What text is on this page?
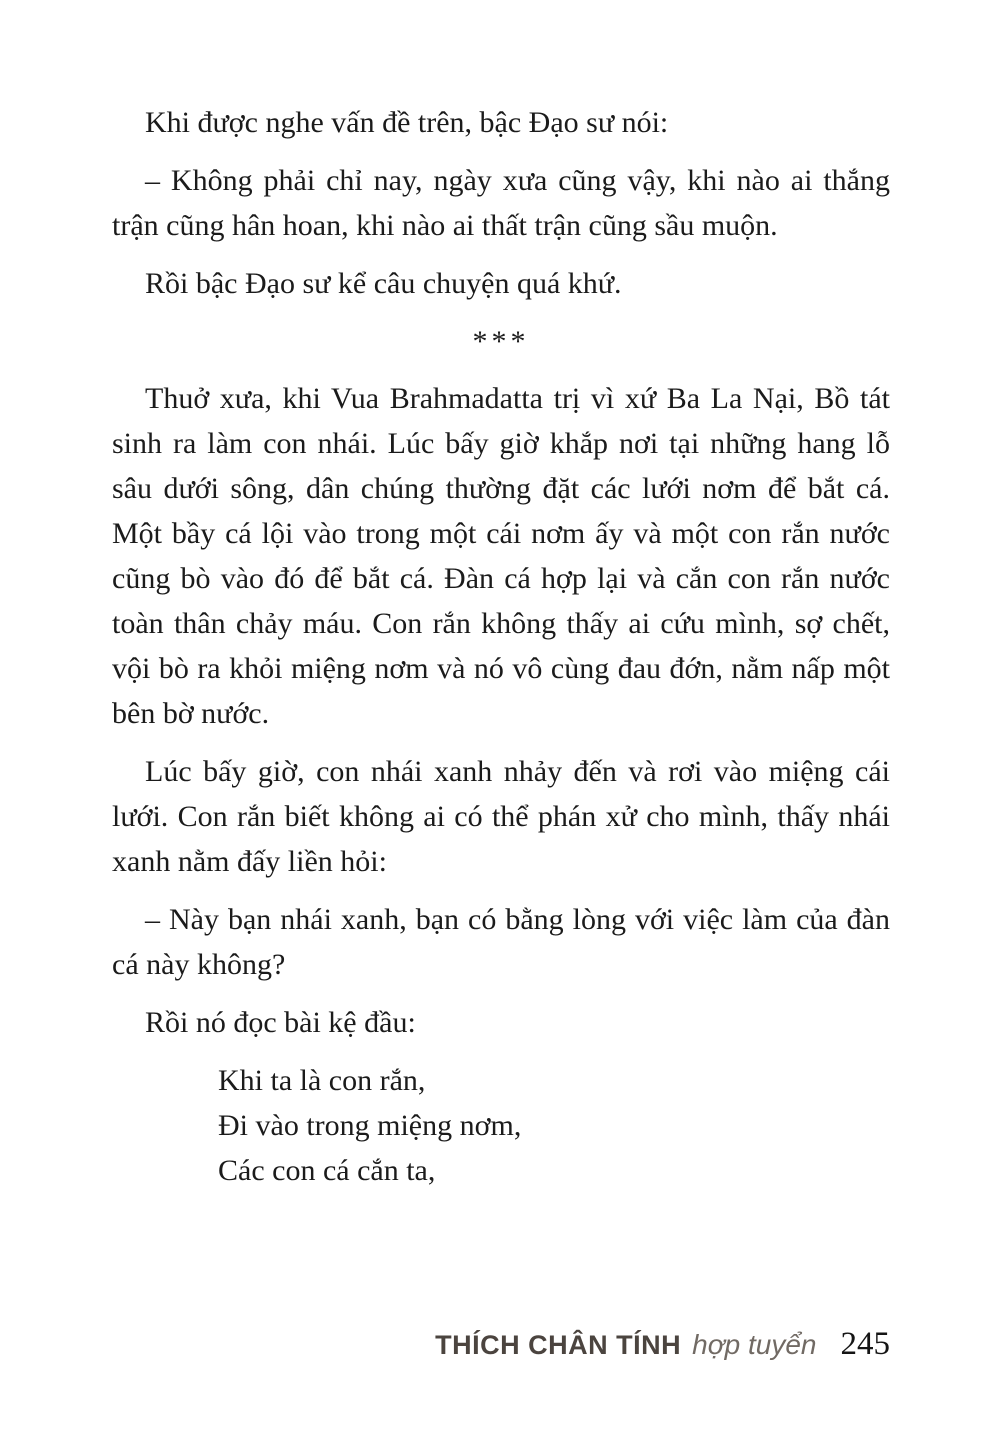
Khi được nghe vấn đề trên, bậc Đạo sư nói:

– Không phải chỉ nay, ngày xưa cũng vậy, khi nào ai thắng trận cũng hân hoan, khi nào ai thất trận cũng sầu muộn.

Rồi bậc Đạo sư kể câu chuyện quá khứ.

***

Thuở xưa, khi Vua Brahmadatta trị vì xứ Ba La Nại, Bồ tát sinh ra làm con nhái. Lúc bấy giờ khắp nơi tại những hang lỗ sâu dưới sông, dân chúng thường đặt các lưới nơm để bắt cá. Một bầy cá lội vào trong một cái nơm ấy và một con rắn nước cũng bò vào đó để bắt cá. Đàn cá hợp lại và cắn con rắn nước toàn thân chảy máu. Con rắn không thấy ai cứu mình, sợ chết, vội bò ra khỏi miệng nơm và nó vô cùng đau đớn, nằm nấp một bên bờ nước.

Lúc bấy giờ, con nhái xanh nhảy đến và rơi vào miệng cái lưới. Con rắn biết không ai có thể phán xử cho mình, thấy nhái xanh nằm đấy liền hỏi:

– Này bạn nhái xanh, bạn có bằng lòng với việc làm của đàn cá này không?

Rồi nó đọc bài kệ đầu:

Khi ta là con rắn,
Đi vào trong miệng nơm,
Các con cá cắn ta,
THÍCH CHÂN TÍNH hợp tuyển 245
